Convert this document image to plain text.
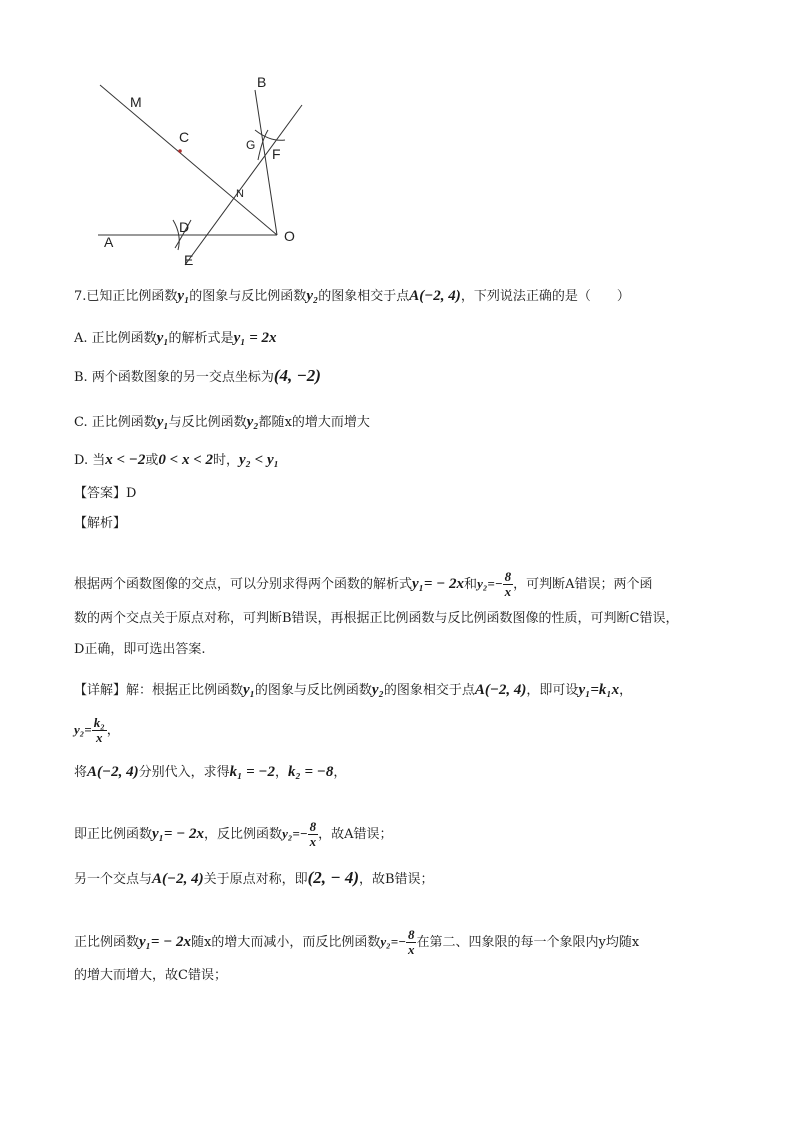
M
C
B
G
F
N
D
A	O
E
7.已知正比例函数y₁的图象与反比例函数y₂的图象相交于点A(−2, 4)，下列说法正确的是（　　）
A. 正比例函数y₁的解析式是y₁ = 2x
B. 两个函数图象的另一交点坐标为(4, −2)
C. 正比例函数y₁与反比例函数y₂都随x的增大而增大
D. 当x < −2或0 < x < 2时，y₂ < y₁
【答案】D
【解析】
根据两个函数图像的交点，可以分别求得两个函数的解析式y₁= − 2x和$y_2=- \frac{8}{x}$ ，可判断A错误；两个函
数的两个交点关于原点对称，可判断B错误，再根据正比例函数与反比例函数图像的性质，可判断C错误，
D正确，即可选出答案.
【详解】解：根据正比例函数y₁的图象与反比例函数y₂的图象相交于点A(−2, 4)，即可设y₁=k₁x，
$y_2= \frac{\text{k₂}}{x}$ ，
将A(−2, 4)分别代入，求得k₁ = −2，k₂ = −8，
即正比例函数y₁= − 2x，反比例函数$y_2=- \frac{8}{x}$ ，故A错误；
另一个交点与A(−2, 4)关于原点对称，即(2, − 4)，故B错误；
正比例函数y₁= − 2x随x的增大而减小，而反比例函数$y_2=- \frac{8}{x}$ 在第二、四象限的每一个象限内y均随x
的增大而增大，故C错误；
